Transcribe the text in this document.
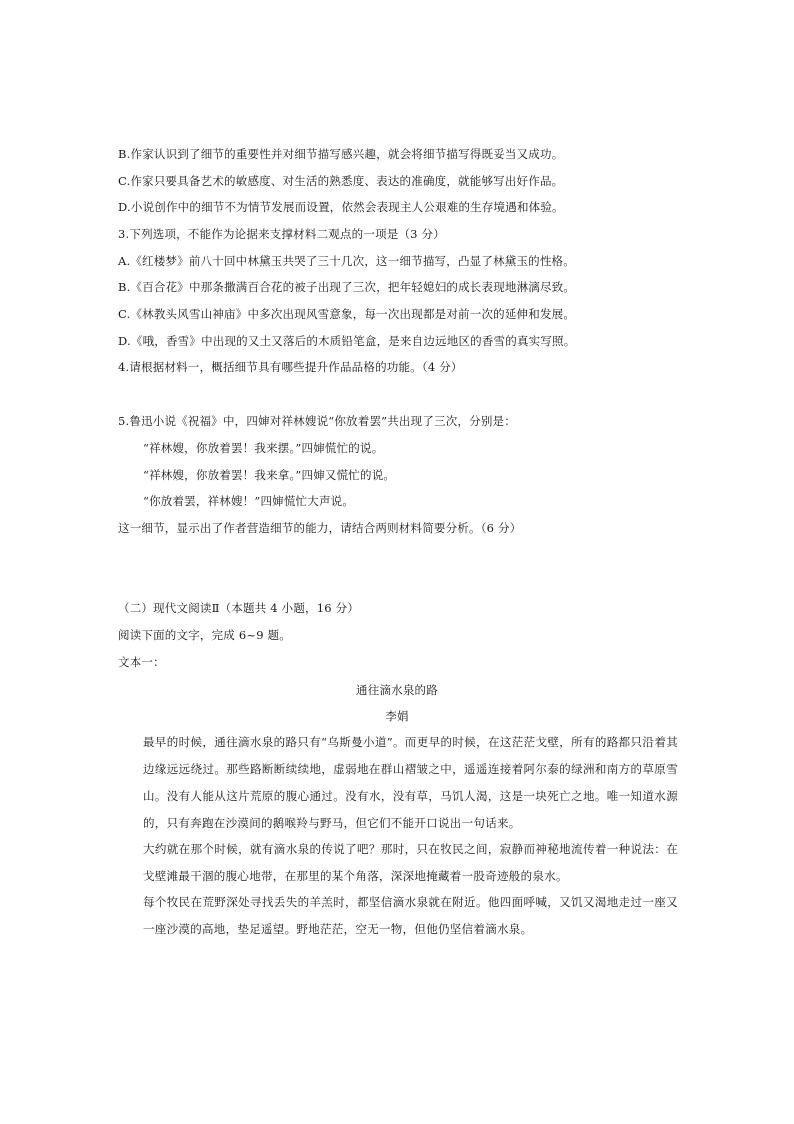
B.作家认识到了细节的重要性并对细节描写感兴趣，就会将细节描写得既妥当又成功。
C.作家只要具备艺术的敏感度、对生活的熟悉度、表达的准确度，就能够写出好作品。
D.小说创作中的细节不为情节发展而设置，依然会表现主人公艰难的生存境遇和体验。
3.下列选项，不能作为论据来支撑材料二观点的一项是（3 分）
A.《红楼梦》前八十回中林黛玉共哭了三十几次，这一细节描写，凸显了林黛玉的性格。
B.《百合花》中那条撒满百合花的被子出现了三次，把年轻媳妇的成长表现地淋漓尽致。
C.《林教头风雪山神庙》中多次出现风雪意象，每一次出现都是对前一次的延伸和发展。
D.《哦，香雪》中出现的又土又落后的木质铅笔盒，是来自边远地区的香雪的真实写照。
4.请根据材料一，概括细节具有哪些提升作品品格的功能。（4 分）
5.鲁迅小说《祝福》中，四婶对祥林嫂说“你放着罢”共出现了三次，分别是：
“祥林嫂，你放着罢！我来摆。”四婶慌忙的说。
“祥林嫂，你放着罢！我来拿。”四婶又慌忙的说。
“你放着罢，祥林嫂！”四婶慌忙大声说。
这一细节，显示出了作者营造细节的能力，请结合两则材料简要分析。（6 分）
（二）现代文阅读Ⅱ（本题共 4 小题，16 分）
阅读下面的文字，完成 6~9 题。
文本一：
通往滴水泉的路
李娟
最早的时候，通往滴水泉的路只有“乌斯曼小道”。而更早的时候，在这茫茫戈壁，所有的路都只沿着其边缘远远绕过。那些路断断续续地，虚弱地在群山褶皱之中，遥遥连接着阿尔泰的绿洲和南方的草原雪山。没有人能从这片荒原的腹心通过。没有水，没有草，马饥人渴，这是一块死亡之地。唯一知道水源的，只有奔跑在沙漠间的鹅喉羚与野马，但它们不能开口说出一句话来。
大约就在那个时候，就有滴水泉的传说了吧？那时，只在牧民之间，寂静而神秘地流传着一种说法：在戈壁滩最干涸的腹心地带，在那里的某个角落，深深地掩藏着一股奇迹般的泉水。
每个牧民在荒野深处寻找丢失的羊羔时，都坚信滴水泉就在附近。他四面呼喊，又饥又渴地走过一座又一座沙漠的高地，垫足遥望。野地茫茫，空无一物，但他仍坚信着滴水泉。
